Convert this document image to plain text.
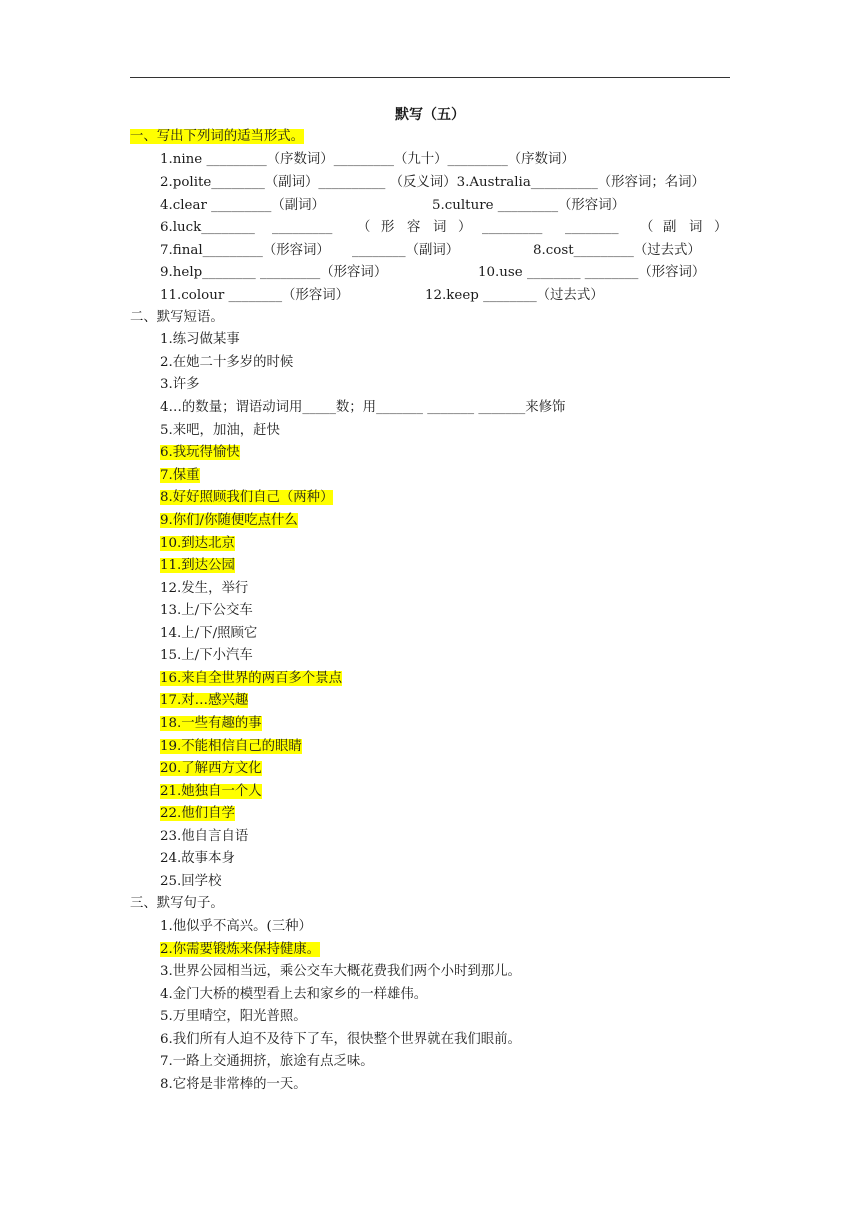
默写（五）
一、写出下列词的适当形式。
1.nine _________（序数词）_________（九十）_________（序数词）
2.polite________（副词）__________ （反义词）3.Australia__________（形容词；名词）
4.clear _________（副词）	5.culture _________（形容词）
6.luck________ _________ （ 形 容 词 ） _________ ________ （ 副 词 ）
7.final_________（形容词） ________（副词）	8.cost_________（过去式）
9.help________ _________（形容词）	10.use ________ ________（形容词）
11.colour ________（形容词）	12.keep ________（过去式）
二、默写短语。
1.练习做某事
2.在她二十多岁的时候
3.许多
4…的数量；谓语动词用_____数；用_______ _______ _______来修饰
5.来吧，加油，赶快
6.我玩得愉快
7.保重
8.好好照顾我们自己（两种）
9.你们/你随便吃点什么
10.到达北京
11.到达公园
12.发生，举行
13.上/下公交车
14.上/下/照顾它
15.上/下小汽车
16.来自全世界的两百多个景点
17.对…感兴趣
18.一些有趣的事
19.不能相信自己的眼睛
20.了解西方文化
21.她独自一个人
22.他们自学
23.他自言自语
24.故事本身
25.回学校
三、默写句子。
1.他似乎不高兴。(三种）
2.你需要锻炼来保持健康。
3.世界公园相当远，乘公交车大概花费我们两个小时到那儿。
4.金门大桥的模型看上去和家乡的一样雄伟。
5.万里晴空，阳光普照。
6.我们所有人迫不及待下了车，很快整个世界就在我们眼前。
7.一路上交通拥挤，旅途有点乏味。
8.它将是非常棒的一天。
